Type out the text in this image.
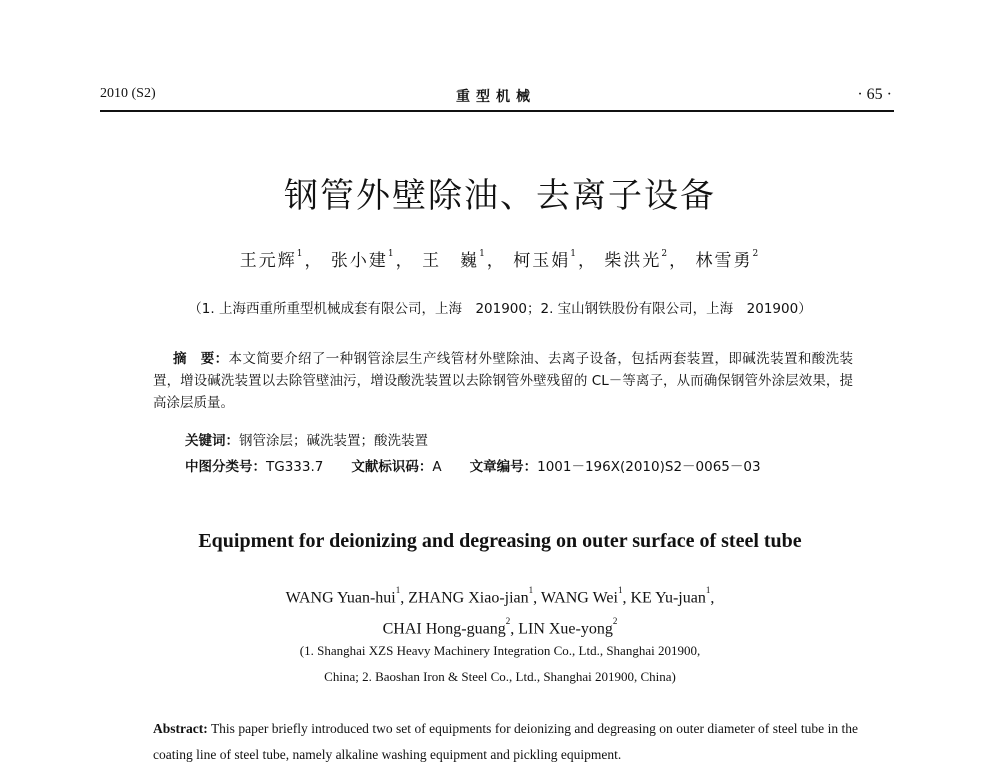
2010 (S2)	重型机械	· 65 ·
钢管外壁除油、去离子设备
王元辉$^1$， 张小建$^1$， 王　巍$^1$， 柯玉娟$^1$， 柴洪光$^2$， 林雪勇$^2$
（1. 上海西重所重型机械成套有限公司，上海　201900；2. 宝山钢铁股份有限公司，上海　201900）
摘　要：本文简要介绍了一种钢管涂层生产线管材外壁除油、去离子设备，包括两套装置，即碱洗装置和酸洗装置，增设碱洗装置以去除管壁油污，增设酸洗装置以去除钢管外壁残留的 CL－等离子，从而确保钢管外涂层效果，提高涂层质量。
关键词：钢管涂层；碱洗装置；酸洗装置
中图分类号：TG333.7 文献标识码：A 文章编号：1001－196X(2010)S2－0065－03
Equipment for deionizing and degreasing on outer surface of steel tube
WANG Yuan-hui$^1$, ZHANG Xiao-jian$^1$, WANG Wei$^1$, KE Yu-juan$^1$,
CHAI Hong-guang$^2$, LIN Xue-yong$^2$
(1. Shanghai XZS Heavy Machinery Integration Co., Ltd., Shanghai 201900,
China; 2. Baoshan Iron & Steel Co., Ltd., Shanghai 201900, China)
Abstract: This paper briefly introduced two set of equipments for deionizing and degreasing on outer diameter of steel tube in the coating line of steel tube, namely alkaline washing equipment and pickling equipment.
